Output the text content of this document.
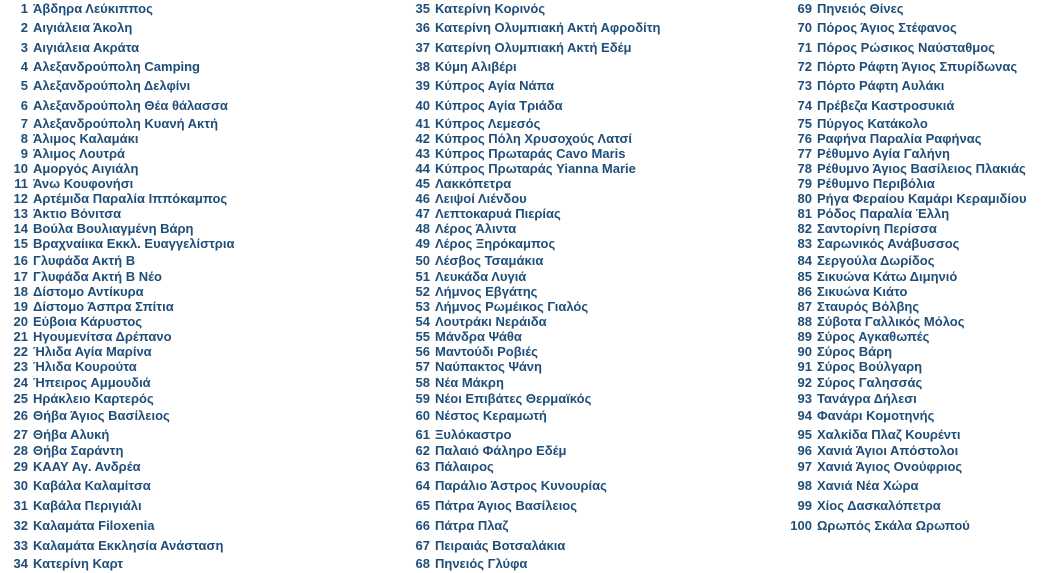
1 Άβδηρα Λεύκιππος
2 Αιγιάλεια Άκολη
3 Αιγιάλεια Ακράτα
4 Αλεξανδρούπολη Camping
5 Αλεξανδρούπολη Δελφίνι
6 Αλεξανδρούπολη Θέα θάλασσα
7 Αλεξανδρούπολη Κυανή Ακτή
8 Άλιμος Καλαμάκι
9 Άλιμος Λουτρά
10 Αμοργός Αιγιάλη
11 Άνω Κουφονήσι
12 Αρτέμιδα Παραλία Ιππόκαμπος
13 Άκτιο Βόνιτσα
14 Βούλα Βουλιαγμένη Βάρη
15 Βραχναίικα Εκκλ. Ευαγγελίστρια
16 Γλυφάδα Ακτή Β
17 Γλυφάδα Ακτή Β Νέο
18 Δίστομο Αντίκυρα
19 Δίστομο Άσπρα Σπίτια
20 Εύβοια Κάρυστος
21 Ηγουμενίτσα Δρέπανο
22 Ήλιδα Αγία Μαρίνα
23 Ήλιδα Κουρούτα
24 Ήπειρος Αμμουδιά
25 Ηράκλειο Καρτερός
26 Θήβα Άγιος Βασίλειος
27 Θήβα Αλυκή
28 Θήβα Σαράντη
29 ΚΑΑΥ Αγ. Ανδρέα
30 Καβάλα Καλαμίτσα
31 Καβάλα Περιγιάλι
32 Καλαμάτα Filoxenia
33 Καλαμάτα Εκκλησία Ανάσταση
34 Κατερίνη Καρτ
35 Κατερίνη Κορινός
36 Κατερίνη Ολυμπιακή Ακτή Αφροδίτη
37 Κατερίνη Ολυμπιακή Ακτή Εδέμ
38 Κύμη Αλιβέρι
39 Κύπρος Αγία Νάπα
40 Κύπρος Αγία Τριάδα
41 Κύπρος Λεμεσός
42 Κύπρος Πόλη Χρυσοχούς Λατσί
43 Κύπρος Πρωταράς Cavo Maris
44 Κύπρος Πρωταράς Yianna Marie
45 Λακκόπετρα
46 Λειψοί Λιένδου
47 Λεπτοκαρυά Πιερίας
48 Λέρος Άλιντα
49 Λέρος Ξηρόκαμπος
50 Λέσβος Τσαμάκια
51 Λευκάδα Λυγιά
52 Λήμνος Εβγάτης
53 Λήμνος Ρωμέικος Γιαλός
54 Λουτράκι Νεράιδα
55 Μάνδρα Ψάθα
56 Μαντούδι Ροβιές
57 Ναύπακτος Ψάνη
58 Νέα Μάκρη
59 Νέοι Επιβάτες Θερμαϊκός
60 Νέστος Κεραμωτή
61 Ξυλόκαστρο
62 Παλαιό Φάληρο Εδέμ
63 Πάλαιρος
64 Παράλιο Άστρος Κυνουρίας
65 Πάτρα Άγιος Βασίλειος
66 Πάτρα Πλαζ
67 Πειραιάς Βοτσαλάκια
68 Πηνειός Γλύφα
69 Πηνειός Θίνες
70 Πόρος Άγιος Στέφανος
71 Πόρος Ρώσικος Ναύσταθμος
72 Πόρτο Ράφτη Άγιος Σπυρίδωνας
73 Πόρτο Ράφτη Αυλάκι
74 Πρέβεζα Καστροσυκιά
75 Πύργος Κατάκολο
76 Ραφήνα Παραλία Ραφήνας
77 Ρέθυμνο Αγία Γαλήνη
78 Ρέθυμνο Άγιος Βασίλειος Πλακιάς
79 Ρέθυμνο Περιβόλια
80 Ρήγα Φεραίου Καμάρι Κεραμιδίου
81 Ρόδος Παραλία Έλλη
82 Σαντορίνη Περίσσα
83 Σαρωνικός Ανάβυσσος
84 Σεργούλα Δωρίδος
85 Σικυώνα Κάτω Διμηνιό
86 Σικυώνα Κιάτο
87 Σταυρός Βόλβης
88 Σύβοτα Γαλλικός Μόλος
89 Σύρος Αγκαθωπές
90 Σύρος Βάρη
91 Σύρος Βούλγαρη
92 Σύρος Γαλησσάς
93 Τανάγρα Δήλεσι
94 Φανάρι Κομοτηνής
95 Χαλκίδα Πλαζ Κουρέντι
96 Χανιά Άγιοι Απόστολοι
97 Χανιά Άγιος Ονούφριος
98 Χανιά Νέα Χώρα
99 Χίος Δασκαλόπετρα
100 Ωρωπός Σκάλα Ωρωπού
